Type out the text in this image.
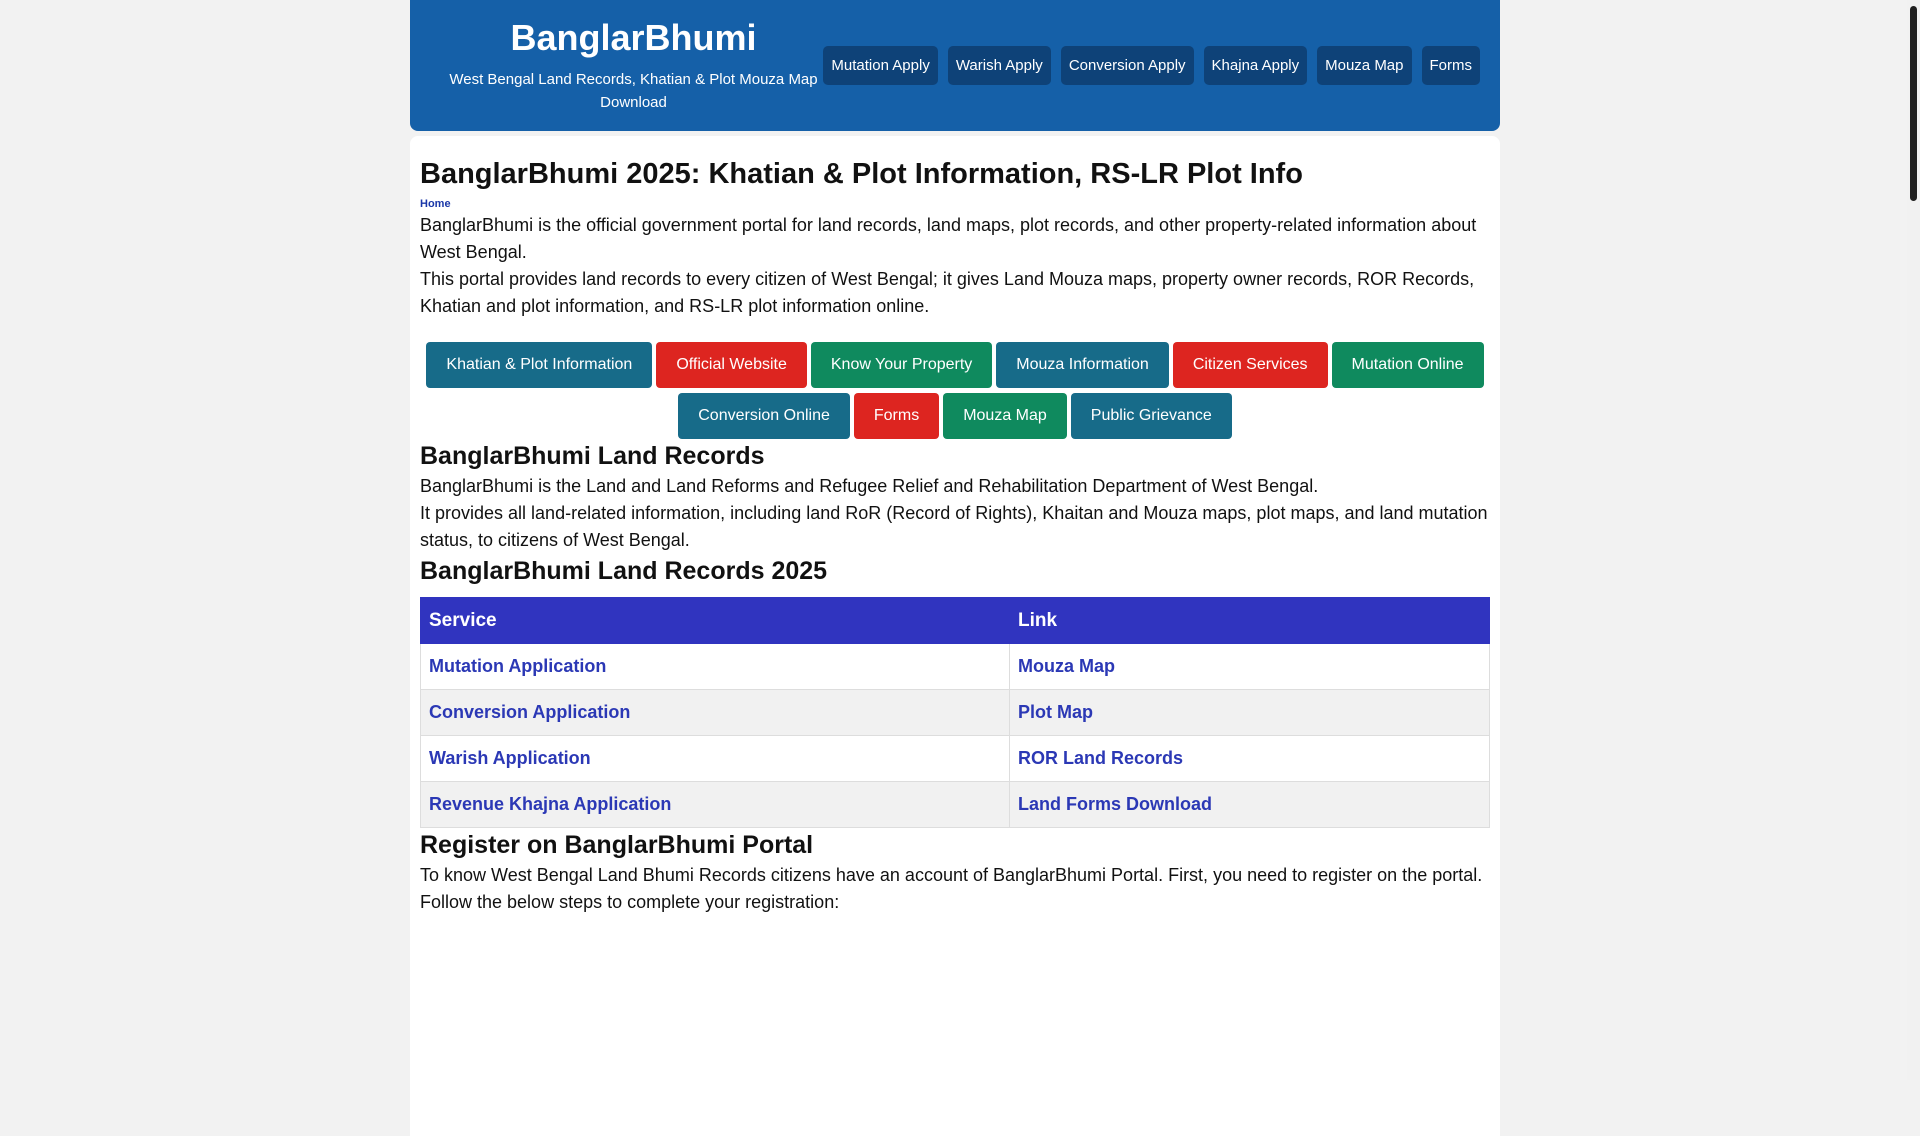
BanglarBhumi
West Bengal Land Records, Khatian & Plot Mouza Map Download
Mutation Apply	Warish Apply	Conversion Apply	Khajna Apply	Mouza Map	Forms
BanglarBhumi 2025: Khatian & Plot Information, RS-LR Plot Info
Home

BanglarBhumi is the official government portal for land records, land maps, plot records, and other property-related information about West Bengal.

This portal provides land records to every citizen of West Bengal; it gives Land Mouza maps, property owner records, ROR Records, Khatian and plot information, and RS-LR plot information online.

Khatian & Plot Information	Official Website	Know Your Property	Mouza Information	Citizen Services	Mutation Online
Conversion Online	Forms	Mouza Map	Public Grievance
BanglarBhumi Land Records

BanglarBhumi is the Land and Land Reforms and Refugee Relief and Rehabilitation Department of West Bengal.

It provides all land-related information, including land RoR (Record of Rights), Khaitan and Mouza maps, plot maps, and land mutation status, to citizens of West Bengal.

BanglarBhumi Land Records 2025
Service	Link
Mutation Application	Mouza Map
Conversion Application	Plot Map
Warish Application	ROR Land Records
Revenue Khajna Application	Land Forms Download
Register on BanglarBhumi Portal

To know West Bengal Land Bhumi Records citizens have an account of BanglarBhumi Portal. First, you need to register on the portal. Follow the below steps to complete your registration:
